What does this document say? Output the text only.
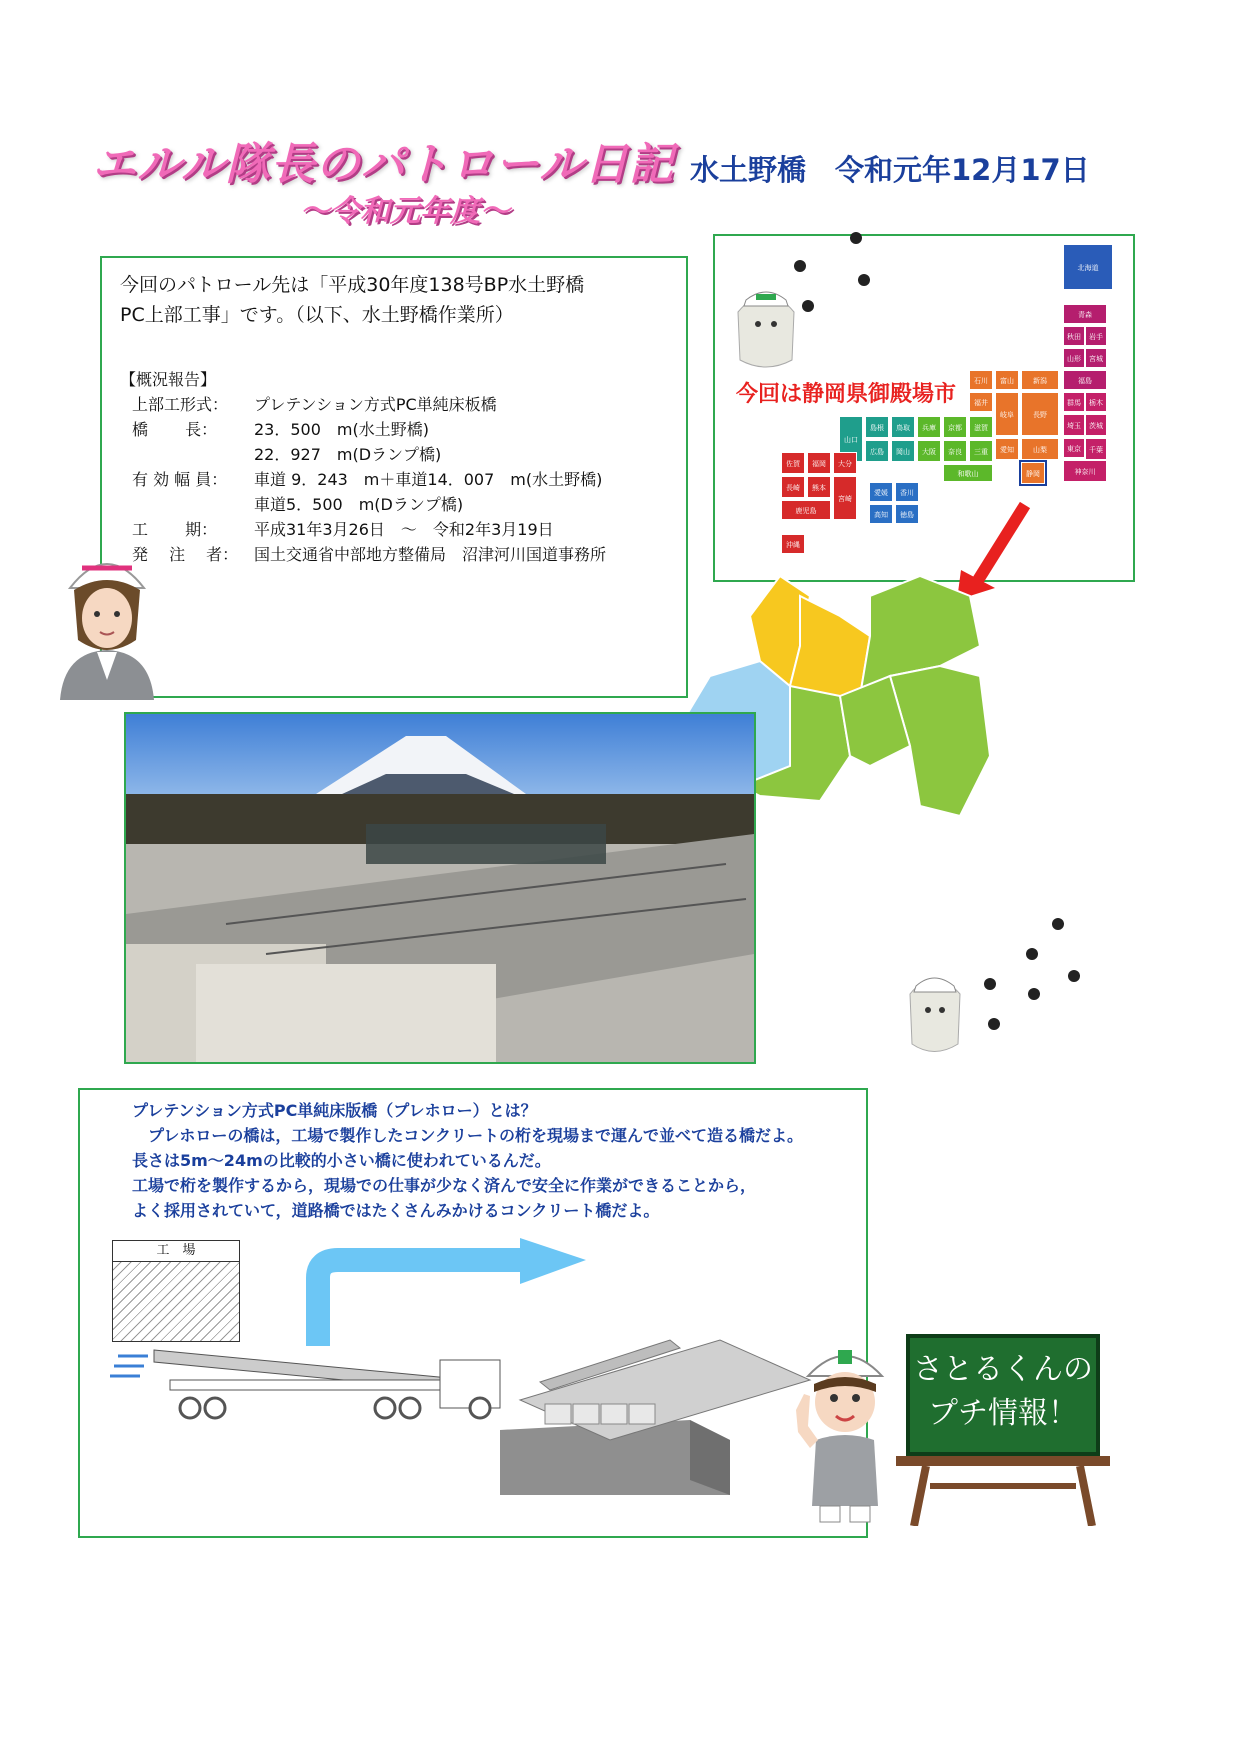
エルル隊長のパトロール日記
～令和元年度～
水土野橋　令和元年12月17日
今回のパトロール先は「平成30年度138号BP水土野橋
PC上部工事」です。（以下、水土野橋作業所）
【概況報告】
上部工形式：	プレテンション方式PC単純床板橋
橋　　 長：	23．500　m(水土野橋)
22．927　m(Dランプ橋)
有 効 幅 員：	車道 9．243　m＋車道14．007　m(水土野橋)
車道5．500　m(Dランプ橋)
工　　 期：	平成31年3月26日　～　令和2年3月19日
発　 注　 者： 国土交通省中部地方整備局　沼津河川国道事務所
今回は静岡県御殿場市
北海道
青森
秋田	岩手
山形	宮城
福島
新潟
富山
石川
福井
長野
岐阜
群馬	栃木
茨城
埼玉
東京	千葉
神奈川
山梨
静岡
愛知
滋賀
京都
兵庫
大阪	奈良	三重
和歌山
島根	鳥取
岡山
広島
山口
香川
愛媛
徳島
高知
福岡
佐賀	大分
長崎	熊本
宮崎
鹿児島
沖縄
プレテンション方式PC単純床版橋（プレホロー）とは？
　プレホローの橋は，工場で製作したコンクリートの桁を現場まで運んで並べて造る橋だよ。
長さは5m～24mの比較的小さい橋に使われているんだ。
工場で桁を製作するから，現場での仕事が少なく済んで安全に作業ができることから，
よく採用されていて，道路橋ではたくさんみかけるコンクリート橋だよ。
工　場
さとるくんの
プチ情報！
